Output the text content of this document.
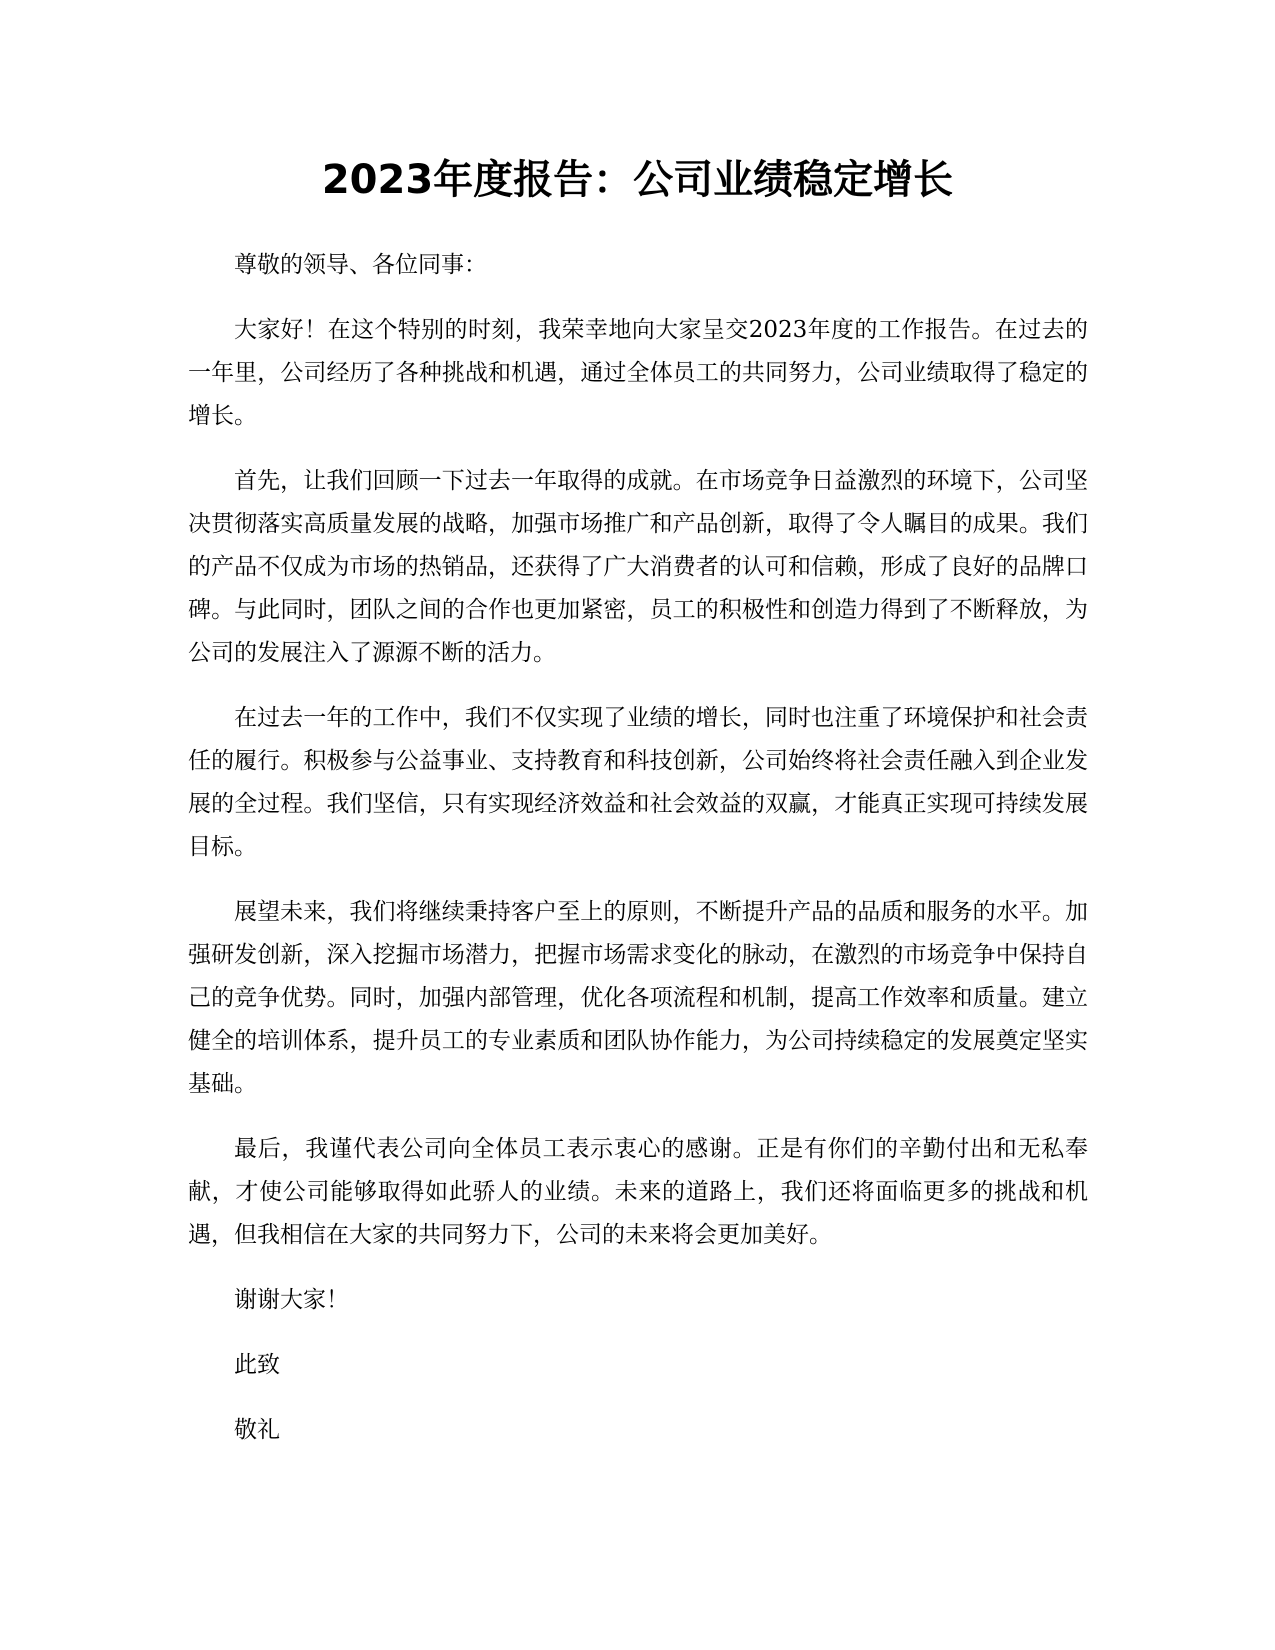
2023年度报告：公司业绩稳定增长
尊敬的领导、各位同事：

大家好！在这个特别的时刻，我荣幸地向大家呈交2023年度的工作报告。在过去的一年里，公司经历了各种挑战和机遇，通过全体员工的共同努力，公司业绩取得了稳定的增长。

首先，让我们回顾一下过去一年取得的成就。在市场竞争日益激烈的环境下，公司坚决贯彻落实高质量发展的战略，加强市场推广和产品创新，取得了令人瞩目的成果。我们的产品不仅成为市场的热销品，还获得了广大消费者的认可和信赖，形成了良好的品牌口碑。与此同时，团队之间的合作也更加紧密，员工的积极性和创造力得到了不断释放，为公司的发展注入了源源不断的活力。

在过去一年的工作中，我们不仅实现了业绩的增长，同时也注重了环境保护和社会责任的履行。积极参与公益事业、支持教育和科技创新，公司始终将社会责任融入到企业发展的全过程。我们坚信，只有实现经济效益和社会效益的双赢，才能真正实现可持续发展目标。

展望未来，我们将继续秉持客户至上的原则，不断提升产品的品质和服务的水平。加强研发创新，深入挖掘市场潜力，把握市场需求变化的脉动，在激烈的市场竞争中保持自己的竞争优势。同时，加强内部管理，优化各项流程和机制，提高工作效率和质量。建立健全的培训体系，提升员工的专业素质和团队协作能力，为公司持续稳定的发展奠定坚实基础。

最后，我谨代表公司向全体员工表示衷心的感谢。正是有你们的辛勤付出和无私奉献，才使公司能够取得如此骄人的业绩。未来的道路上，我们还将面临更多的挑战和机遇，但我相信在大家的共同努力下，公司的未来将会更加美好。

谢谢大家！
此致
敬礼
